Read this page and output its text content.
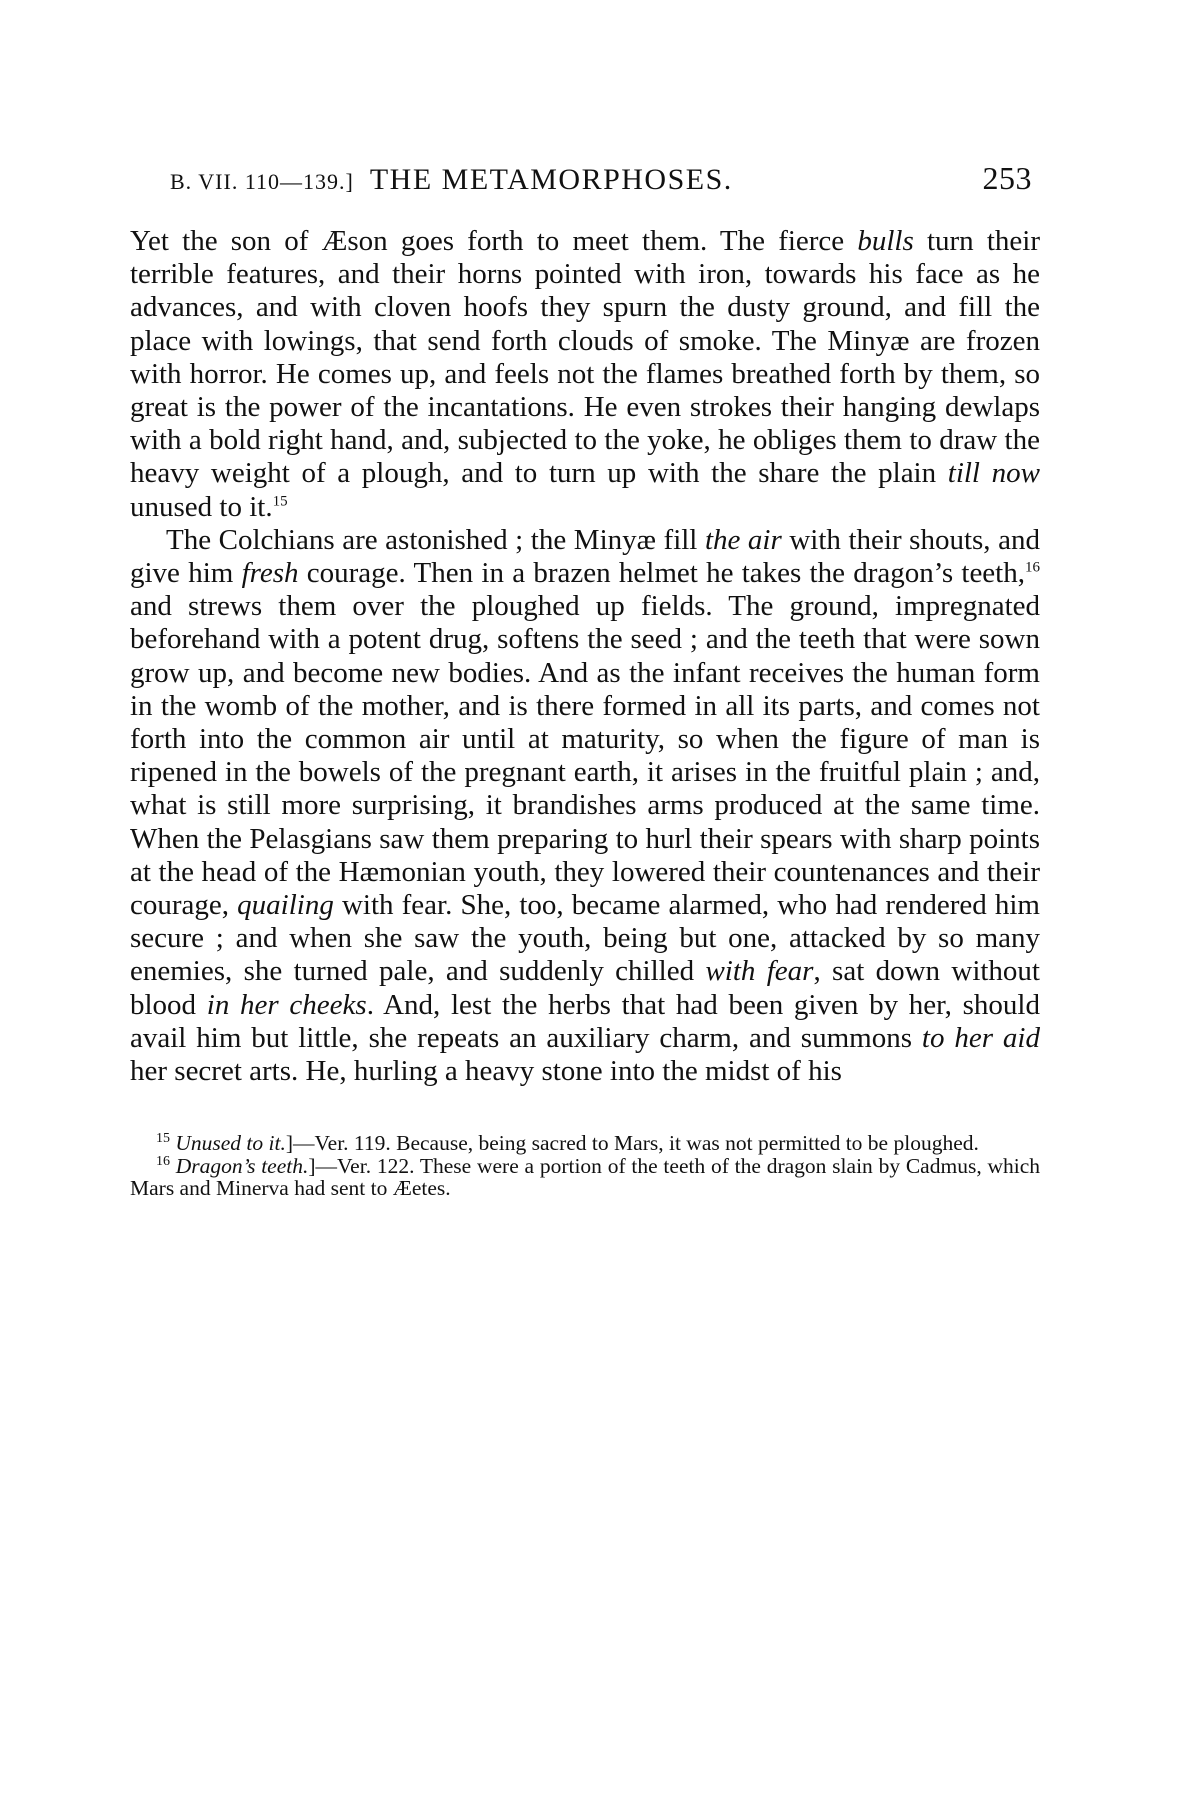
B. VII. 110—139.] THE METAMORPHOSES.	253

Yet the son of Æson goes forth to meet them. The fierce bulls turn their terrible features, and their horns pointed with iron, towards his face as he advances, and with cloven hoofs they spurn the dusty ground, and fill the place with lowings, that send forth clouds of smoke. The Minyæ are frozen with horror. He comes up, and feels not the flames breathed forth by them, so great is the power of the incantations. He even strokes their hanging dewlaps with a bold right hand, and, subjected to the yoke, he obliges them to draw the heavy weight of a plough, and to turn up with the share the plain till now unused to it.$^{15}$

The Colchians are astonished ; the Minyæ fill the air with their shouts, and give him fresh courage. Then in a brazen helmet he takes the dragon’s teeth,$^{16}$ and strews them over the ploughed up fields. The ground, impregnated beforehand with a potent drug, softens the seed ; and the teeth that were sown grow up, and become new bodies. And as the infant receives the human form in the womb of the mother, and is there formed in all its parts, and comes not forth into the common air until at maturity, so when the figure of man is ripened in the bowels of the pregnant earth, it arises in the fruitful plain ; and, what is still more surprising, it brandishes arms produced at the same time. When the Pelasgians saw them preparing to hurl their spears with sharp points at the head of the Hæmonian youth, they lowered their countenances and their courage, quailing with fear. She, too, became alarmed, who had rendered him secure ; and when she saw the youth, being but one, attacked by so many enemies, she turned pale, and suddenly chilled with fear, sat down without blood in her cheeks. And, lest the herbs that had been given by her, should avail him but little, she repeats an auxiliary charm, and summons to her aid her secret arts. He, hurling a heavy stone into the midst of his

$^{15}$ Unused to it.]—Ver. 119. Because, being sacred to Mars, it was not permitted to be ploughed.

$^{16}$ Dragon’s teeth.]—Ver. 122. These were a portion of the teeth of the dragon slain by Cadmus, which Mars and Minerva had sent to Æetes.
